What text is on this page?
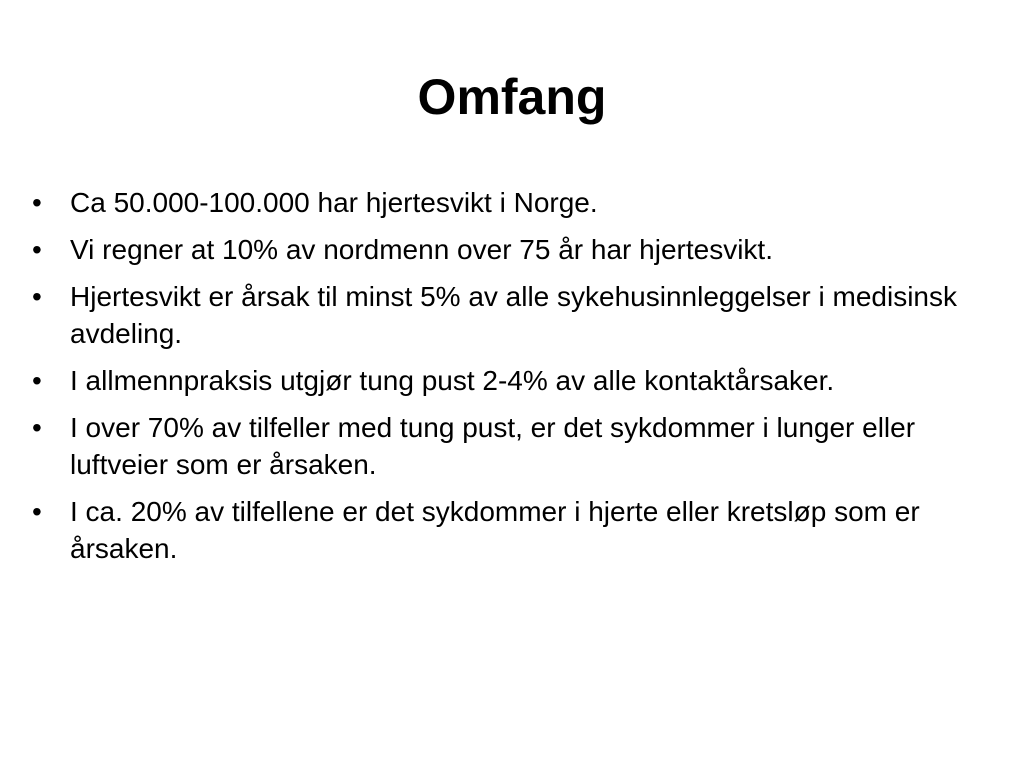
Omfang
•	Ca 50.000-100.000 har hjertesvikt i Norge.
•	Vi regner at 10% av nordmenn over 75 år har hjertesvikt.
•	Hjertesvikt er årsak til minst 5% av alle sykehusinnleggelser i medisinsk avdeling.
•	I allmennpraksis utgjør tung pust 2-4% av alle kontaktårsaker.
•	I over 70% av tilfeller med tung pust, er det sykdommer i lunger eller luftveier som er årsaken.
•	I ca. 20% av tilfellene er det sykdommer i hjerte eller kretsløp som er årsaken.
